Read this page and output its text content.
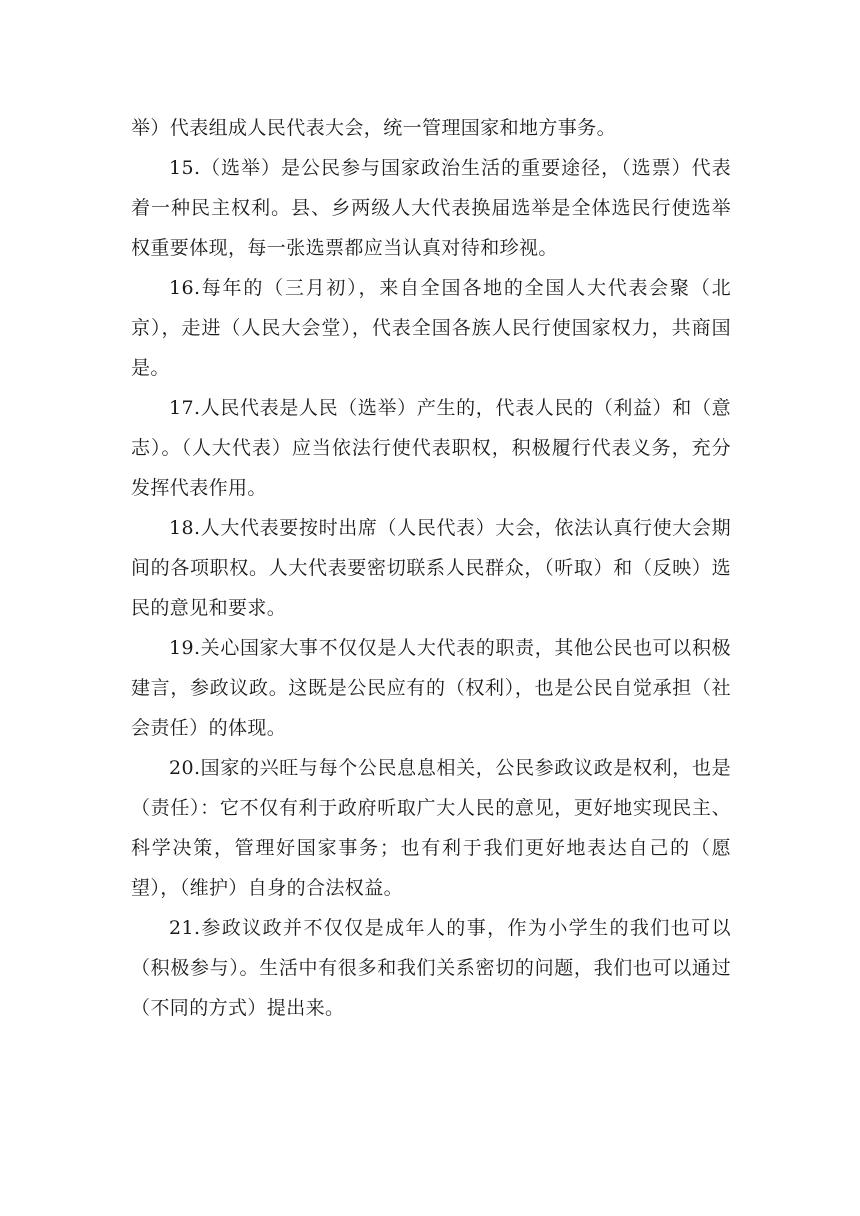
举）代表组成人民代表大会，统一管理国家和地方事务。

15.（选举）是公民参与国家政治生活的重要途径，（选票）代表着一种民主权利。县、乡两级人大代表换届选举是全体选民行使选举权重要体现，每一张选票都应当认真对待和珍视。

16.每年的（三月初），来自全国各地的全国人大代表会聚（北京），走进（人民大会堂），代表全国各族人民行使国家权力，共商国是。

17.人民代表是人民（选举）产生的，代表人民的（利益）和（意志）。（人大代表）应当依法行使代表职权，积极履行代表义务，充分发挥代表作用。

18.人大代表要按时出席（人民代表）大会，依法认真行使大会期间的各项职权。人大代表要密切联系人民群众，（听取）和（反映）选民的意见和要求。

19.关心国家大事不仅仅是人大代表的职责，其他公民也可以积极建言，参政议政。这既是公民应有的（权利），也是公民自觉承担（社会责任）的体现。

20.国家的兴旺与每个公民息息相关，公民参政议政是权利，也是（责任）：它不仅有利于政府听取广大人民的意见，更好地实现民主、科学决策，管理好国家事务；也有利于我们更好地表达自己的（愿望），（维护）自身的合法权益。

21.参政议政并不仅仅是成年人的事，作为小学生的我们也可以（积极参与）。生活中有很多和我们关系密切的问题，我们也可以通过（不同的方式）提出来。
